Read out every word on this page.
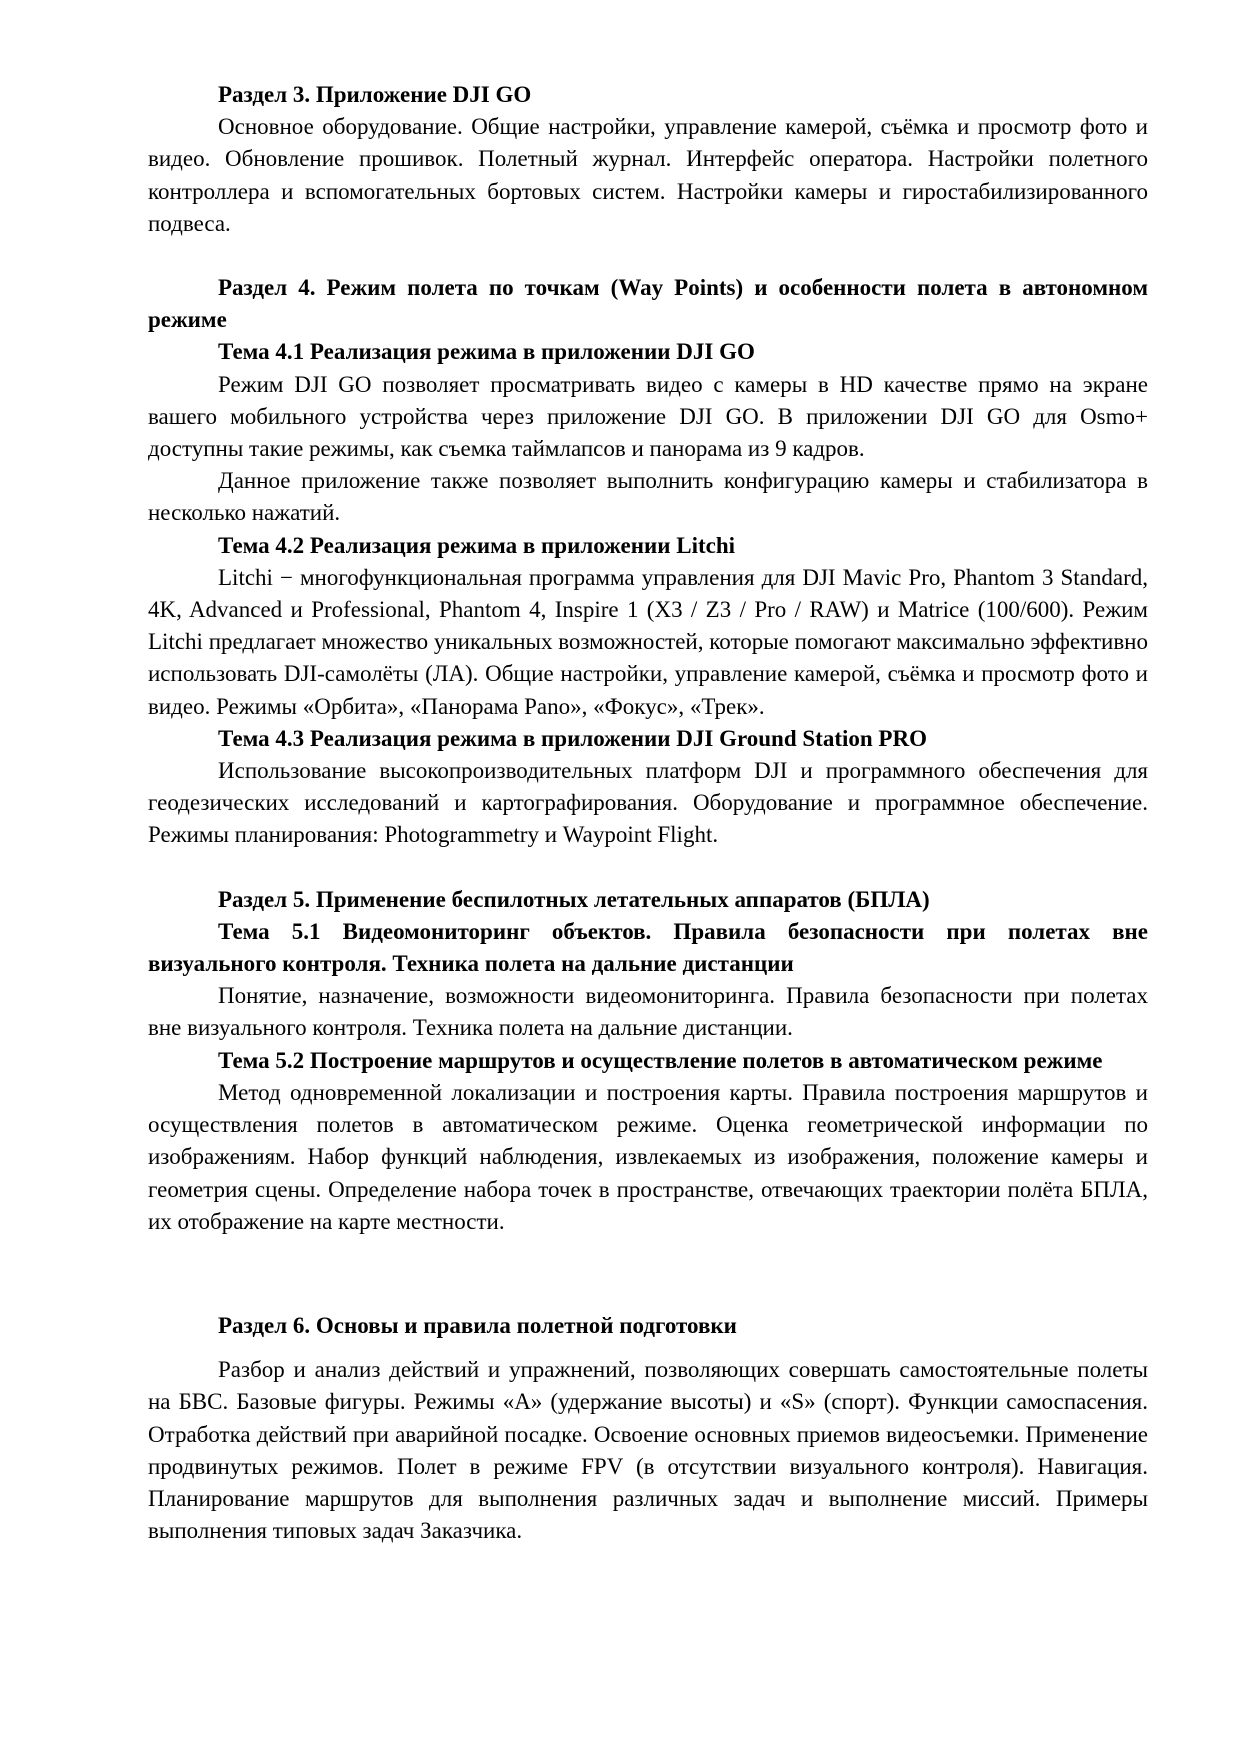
Раздел 3. Приложение DJI GO

Основное оборудование. Общие настройки, управление камерой, съёмка и просмотр фото и видео. Обновление прошивок. Полетный журнал. Интерфейс оператора. Настройки полетного контроллера и вспомогательных бортовых систем. Настройки камеры и гиростабилизированного подвеса.

Раздел 4. Режим полета по точкам (Way Points) и особенности полета в автономном режиме

Тема 4.1 Реализация режима в приложении DJI GO

Режим DJI GO позволяет просматривать видео с камеры в HD качестве прямо на экране вашего мобильного устройства через приложение DJI GO. В приложении DJI GO для Osmo+ доступны такие режимы, как съемка таймлапсов и панорама из 9 кадров.

Данное приложение также позволяет выполнить конфигурацию камеры и стабилизатора в несколько нажатий.

Тема 4.2 Реализация режима в приложении Litchi

Litchi − многофункциональная программа управления для DJI Mavic Pro, Phantom 3 Standard, 4K, Advanced и Professional, Phantom 4, Inspire 1 (X3 / Z3 / Pro / RAW) и Matrice (100/600). Режим Litchi предлагает множество уникальных возможностей, которые помогают максимально эффективно использовать DJI-самолёты (ЛА). Общие настройки, управление камерой, съёмка и просмотр фото и видео. Режимы «Орбита», «Панорама Pano», «Фокус», «Трек».

Тема 4.3 Реализация режима в приложении DJI Ground Station PRO

Использование высокопроизводительных платформ DJI и программного обеспечения для геодезических исследований и картографирования. Оборудование и программное обеспечение. Режимы планирования: Photogrammetry и Waypoint Flight.

Раздел 5. Применение беспилотных летательных аппаратов (БПЛА)

Тема 5.1 Видеомониторинг объектов. Правила безопасности при полетах вне визуального контроля. Техника полета на дальние дистанции

Понятие, назначение, возможности видеомониторинга. Правила безопасности при полетах вне визуального контроля. Техника полета на дальние дистанции.

Тема 5.2 Построение маршрутов и осуществление полетов в автоматическом режиме

Метод одновременной локализации и построения карты. Правила построения маршрутов и осуществления полетов в автоматическом режиме. Оценка геометрической информации по изображениям. Набор функций наблюдения, извлекаемых из изображения, положение камеры и геометрия сцены. Определение набора точек в пространстве, отвечающих траектории полёта БПЛА, их отображение на карте местности.

Раздел 6. Основы и правила полетной подготовки

Разбор и анализ действий и упражнений, позволяющих совершать самостоятельные полеты на БВС. Базовые фигуры. Режимы «А» (удержание высоты) и «S» (спорт). Функции самоспасения. Отработка действий при аварийной посадке. Освоение основных приемов видеосъемки. Применение продвинутых режимов. Полет в режиме FPV (в отсутствии визуального контроля). Навигация. Планирование маршрутов для выполнения различных задач и выполнение миссий. Примеры выполнения типовых задач Заказчика.
